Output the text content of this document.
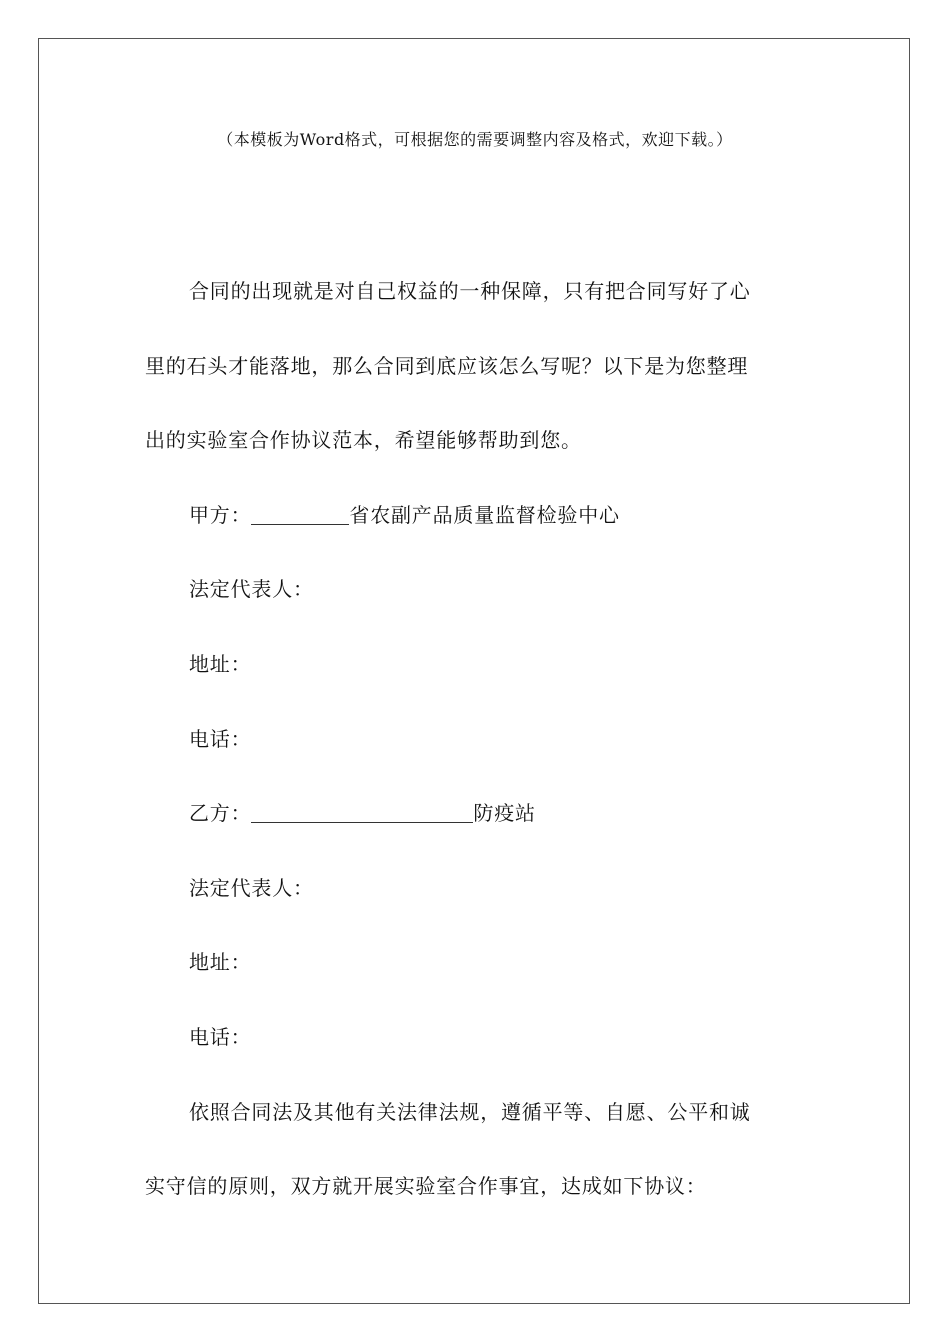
（本模板为Word格式，可根据您的需要调整内容及格式，欢迎下载。）
合同的出现就是对自己权益的一种保障，只有把合同写好了心
里的石头才能落地，那么合同到底应该怎么写呢？以下是为您整理
出的实验室合作协议范本，希望能够帮助到您。
甲方：	省农副产品质量监督检验中心
法定代表人：
地址：
电话：
乙方：	防疫站
法定代表人：
地址：
电话：
依照合同法及其他有关法律法规，遵循平等、自愿、公平和诚
实守信的原则，双方就开展实验室合作事宜，达成如下协议：
